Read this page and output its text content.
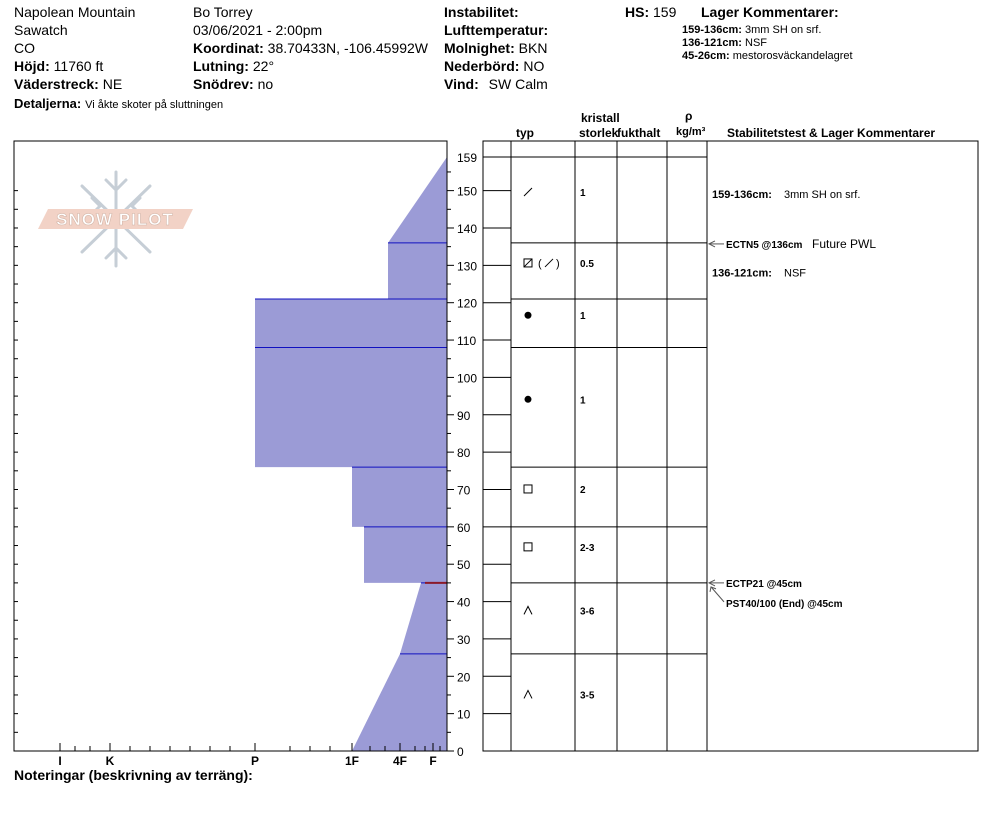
Napolean Mountain
Sawatch
CO
Höjd: 11760 ft
Väderstreck: NE
Detaljerna: Vi åkte skoter på sluttningen
Bo Torrey
03/06/2021 - 2:00pm
Koordinat: 38.70433N, -106.45992W
Lutning: 22°
Snödrev: no
Instabilitet:
Lufttemperatur:
Molnighet: BKN
Nederbörd: NO
Vind: SW Calm
HS: 159 Lager Kommentarer:
159-136cm: 3mm SH on srf.
136-121cm: NSF
45-26cm: mestorosväckandelagret
Noteringar (beskrivning av terräng):
SNOW PILOT
0
10
20
30
40
50
60
70
80
90
100
110
120
130
140
150
159
I	K	P	1F	4F F
kristall
typ	storlek
fukthalt
ρ
kg/m³ Stabilitetstest & Lager Kommentarer
1
( ) 0.5
1
1
2
2-3
3-6
3-5
ECTN5 @136cm Future PWL
ECTP21 @45cm
PST40/100 (End) @45cm
159-136cm: 3mm SH on srf.
136-121cm: NSF
